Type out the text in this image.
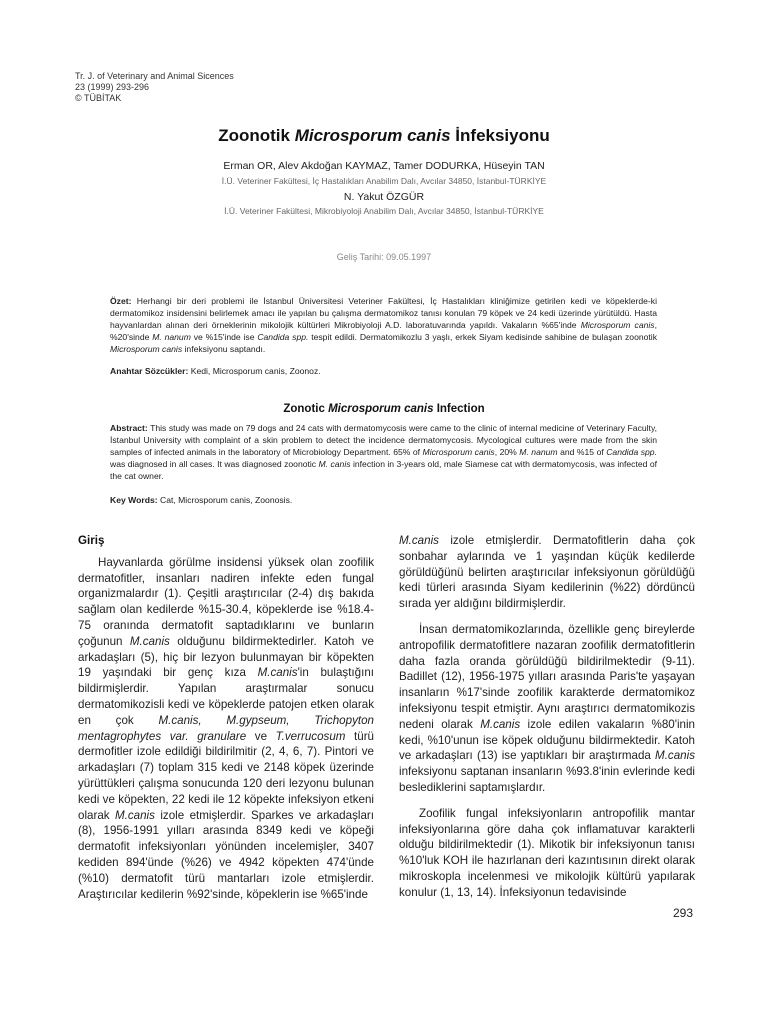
Tr. J. of Veterinary and Animal Sicences
23 (1999) 293-296
© TÜBİTAK
Zoonotik Microsporum canis İnfeksiyonu
Erman OR, Alev Akdoğan KAYMAZ, Tamer DODURKA, Hüseyin TAN
İ.Ü. Veteriner Fakültesi, İç Hastalıkları Anabilim Dalı, Avcılar 34850, İstanbul-TÜRKİYE
N. Yakut ÖZGÜR
İ.Ü. Veteriner Fakültesi, Mikrobiyoloji Anabilim Dalı, Avcılar 34850, İstanbul-TÜRKİYE
Geliş Tarihi: 09.05.1997
Özet: Herhangi bir deri problemi ile İstanbul Üniversitesi Veteriner Fakültesi, İç Hastalıkları kliniğimize getirilen kedi ve köpeklerde-ki dermatomikoz insidensini belirlemek amacı ile yapılan bu çalışma dermatomikoz tanısı konulan 79 köpek ve 24 kedi üzerinde yürütüldü. Hasta hayvanlardan alınan deri örneklerinin mikolojik kültürleri Mikrobiyoloji A.D. laboratuvarında yapıldı. Vakaların %65'inde Microsporum canis, %20'sinde M. nanum ve %15'inde ise Candida spp. tespit edildi. Dermatomikozlu 3 yaşlı, erkek Siyam kedisinde sahibine de bulaşan zoonotik Microsporum canis infeksiyonu saptandı.
Anahtar Sözcükler: Kedi, Microsporum canis, Zoonoz.
Zonotic Microsporum canis Infection
Abstract: This study was made on 79 dogs and 24 cats with dermatomycosis were came to the clinic of internal medicine of Veterinary Faculty, İstanbul University with complaint of a skin problem to detect the incidence dermatomycosis. Mycological cultures were made from the skin samples of infected animals in the laboratory of Microbiology Department. 65% of Microsporum canis, 20% M. nanum and %15 of Candida spp. was diagnosed in all cases. It was diagnosed zoonotic M. canis infection in 3-years old, male Siamese cat with dermatomycosis, was infected of the cat owner.
Key Words: Cat, Microsporum canis, Zoonosis.
Giriş

Hayvanlarda görülme insidensi yüksek olan zoofilik dermatofitler, insanları nadiren infekte eden fungal organizmalardır (1). Çeşitli araştırıcılar (2-4) dış bakıda sağlam olan kedilerde %15-30.4, köpeklerde ise %18.4-75 oranında dermatofit saptadıklarını ve bunların çoğunun M.canis olduğunu bildirmektedirler. Katoh ve arkadaşları (5), hiç bir lezyon bulunmayan bir köpekten 19 yaşındaki bir genç kıza M.canis'in bulaştığını bildirmişlerdir. Yapılan araştırmalar sonucu dermatomikozisli kedi ve köpeklerde patojen etken olarak en çok M.canis, M.gypseum, Trichopyton mentagrophytes var. granulare ve T.verrucosum türü dermofitler izole edildiği bildirilmitir (2, 4, 6, 7). Pintori ve arkadaşları (7) toplam 315 kedi ve 2148 köpek üzerinde yürüttükleri çalışma sonucunda 120 deri lezyonu bulunan kedi ve köpekten, 22 kedi ile 12 köpekte infeksiyon etkeni olarak M.canis izole etmişlerdir. Sparkes ve arkadaşları (8), 1956-1991 yılları arasında 8349 kedi ve köpeği dermatofit infeksiyonları yönünden incelemişler, 3407 kediden 894'ünde (%26) ve 4942 köpekten 474'ünde (%10) dermatofit türü mantarları izole etmişlerdir. Araştırıcılar kedilerin %92'sinde, köpeklerin ise %65'inde

M.canis izole etmişlerdir. Dermatofitlerin daha çok sonbahar aylarında ve 1 yaşından küçük kedilerde görüldüğünü belirten araştırıcılar infeksiyonun görüldüğü kedi türleri arasında Siyam kedilerinin (%22) dördüncü sırada yer aldığını bildirmişlerdir.

İnsan dermatomikozlarında, özellikle genç bireylerde antropofilik dermatofitlere nazaran zoofilik dermatofitlerin daha fazla oranda görüldüğü bildirilmektedir (9-11). Badillet (12), 1956-1975 yılları arasında Paris'te yaşayan insanların %17'sinde zoofilik karakterde dermatomikoz infeksiyonu tespit etmiştir. Aynı araştırıcı dermatomikozis nedeni olarak M.canis izole edilen vakaların %80'inin kedi, %10'unun ise köpek olduğunu bildirmektedir. Katoh ve arkadaşları (13) ise yaptıkları bir araştırmada M.canis infeksiyonu saptanan insanların %93.8'inin evlerinde kedi beslediklerini saptamışlardır.

Zoofilik fungal infeksiyonların antropofilik mantar infeksiyonlarına göre daha çok inflamatuvar karakterli olduğu bildirilmektedir (1). Mikotik bir infeksiyonun tanısı %10'luk KOH ile hazırlanan deri kazıntısının direkt olarak mikroskopla incelenmesi ve mikolojik kültürü yapılarak konulur (1, 13, 14). İnfeksiyonun tedavisinde

293
